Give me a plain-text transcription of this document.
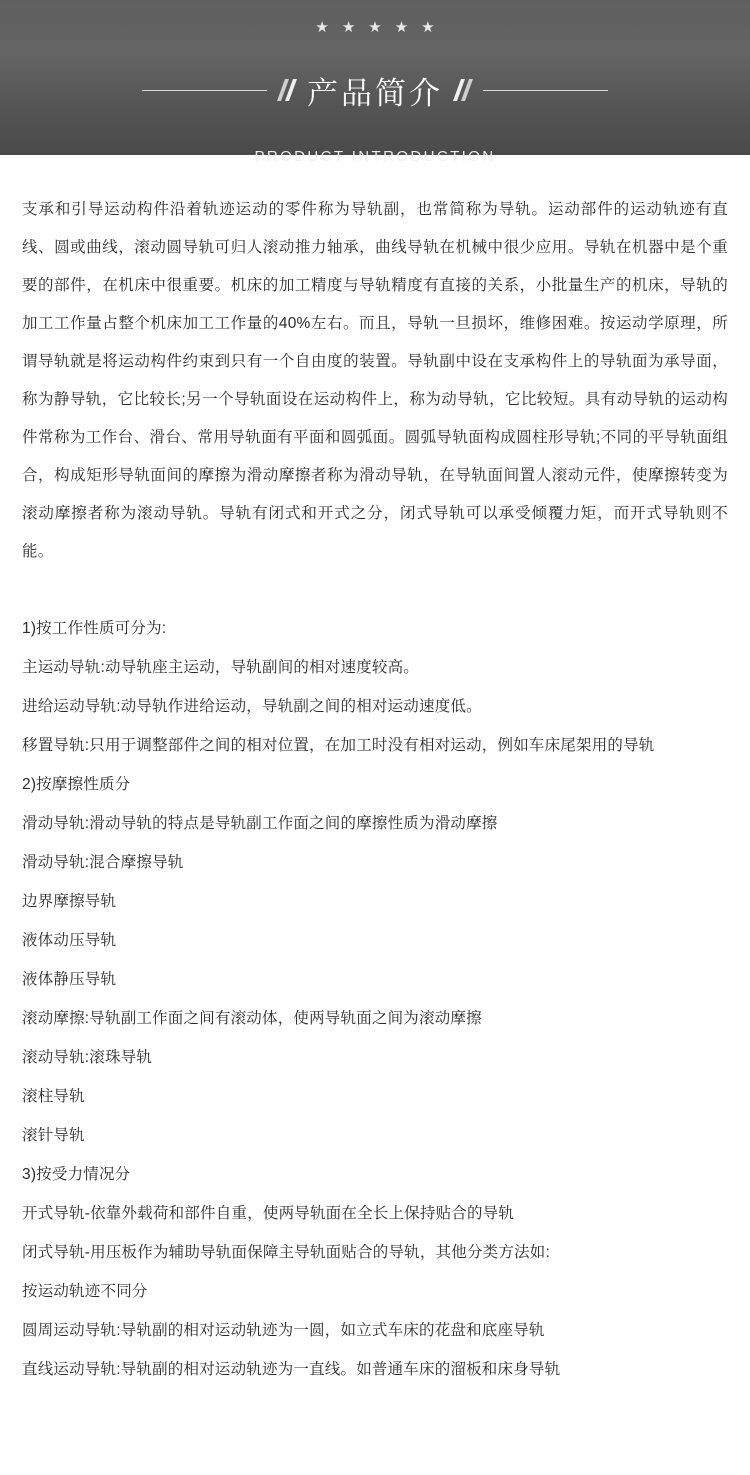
★ ★ ★ ★ ★
产品简介
PRODUCT INTRODUCTION

支承和引导运动构件沿着轨迹运动的零件称为导轨副，也常简称为导轨。运动部件的运动轨迹有直线、圆或曲线，滚动圆导轨可归人滚动推力轴承，曲线导轨在机械中很少应用。导轨在机器中是个重要的部件，在机床中很重要。机床的加工精度与导轨精度有直接的关系，小批量生产的机床，导轨的加工工作量占整个机床加工工作量的40%左右。而且，导轨一旦损坏，维修困难。按运动学原理，所谓导轨就是将运动构件约束到只有一个自由度的装置。导轨副中设在支承构件上的导轨面为承导面，称为静导轨，它比较长;另一个导轨面设在运动构件上，称为动导轨，它比较短。具有动导轨的运动构件常称为工作台、滑台、常用导轨面有平面和圆弧面。圆弧导轨面构成圆柱形导轨;不同的平导轨面组合，构成矩形导轨面间的摩擦为滑动摩擦者称为滑动导轨，在导轨面间置人滚动元件，使摩擦转变为滚动摩擦者称为滚动导轨。导轨有闭式和开式之分，闭式导轨可以承受倾覆力矩，而开式导轨则不能。

1)按工作性质可分为:
主运动导轨:动导轨座主运动，导轨副间的相对速度较高。
进给运动导轨:动导轨作进给运动，导轨副之间的相对运动速度低。
移置导轨:只用于调整部件之间的相对位置，在加工时没有相对运动，例如车床尾架用的导轨
2)按摩擦性质分
滑动导轨:滑动导轨的特点是导轨副工作面之间的摩擦性质为滑动摩擦
滑动导轨:混合摩擦导轨
边界摩擦导轨
液体动压导轨
液体静压导轨
滚动摩擦:导轨副工作面之间有滚动体，使两导轨面之间为滚动摩擦
滚动导轨:滚珠导轨
滚柱导轨
滚针导轨
3)按受力情况分
开式导轨-依靠外载荷和部件自重，使两导轨面在全长上保持贴合的导轨
闭式导轨-用压板作为辅助导轨面保障主导轨面贴合的导轨，其他分类方法如:
按运动轨迹不同分
圆周运动导轨:导轨副的相对运动轨迹为一圆，如立式车床的花盘和底座导轨
直线运动导轨:导轨副的相对运动轨迹为一直线。如普通车床的溜板和床身导轨
